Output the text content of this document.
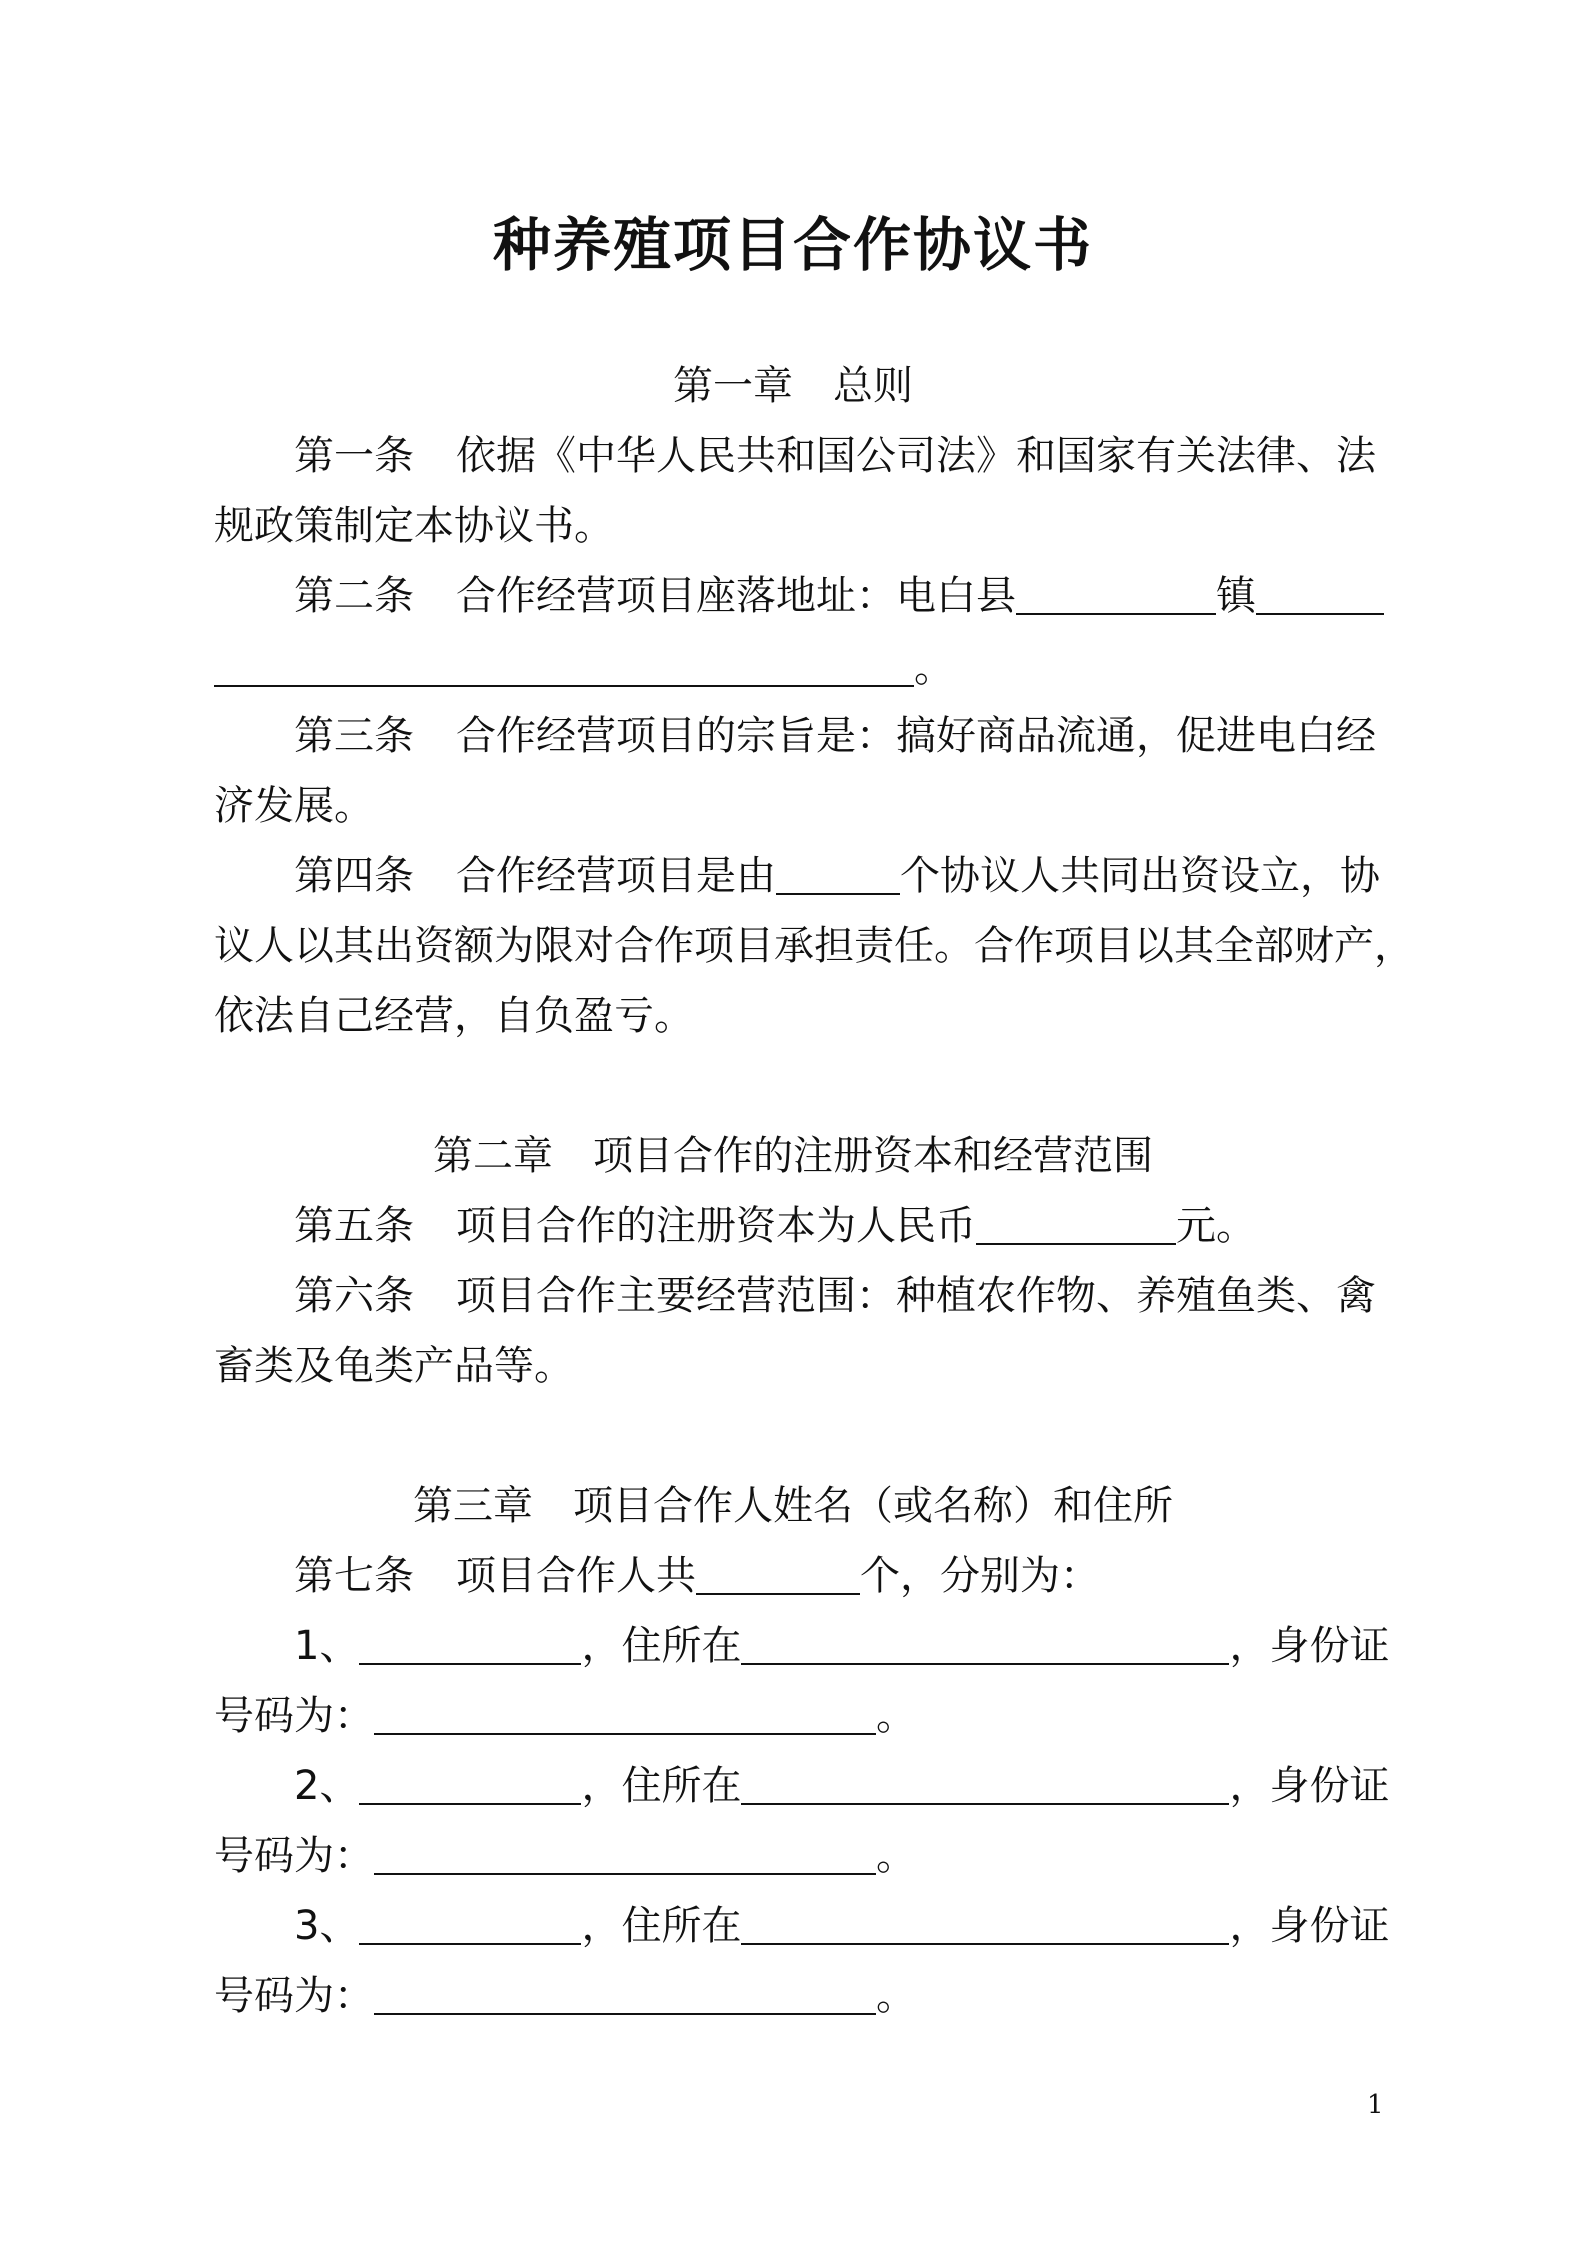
种养殖项目合作协议书
第一章　总则
第一条 依据《中华人民共和国公司法》和国家有关法律、法
规政策制定本协议书。
第二条 合作经营项目座落地址：电白县	镇
。
第三条 合作经营项目的宗旨是：搞好商品流通，促进电白经
济发展。
第四条 合作经营项目是由	个协议人共同出资设立，协
议人以其出资额为限对合作项目承担责任。合作项目以其全部财产，
依法自己经营，自负盈亏。
第二章　项目合作的注册资本和经营范围
第五条 项目合作的注册资本为人民币	元。
第六条 项目合作主要经营范围：种植农作物、养殖鱼类、禽
畜类及龟类产品等。
第三章　项目合作人姓名（或名称）和住所
第七条 项目合作人共	个，分别为：
1、	，住所在	，身份证
号码为：	。
2、	，住所在	，身份证
号码为：	。
3、	，住所在	，身份证
号码为：	。
1
